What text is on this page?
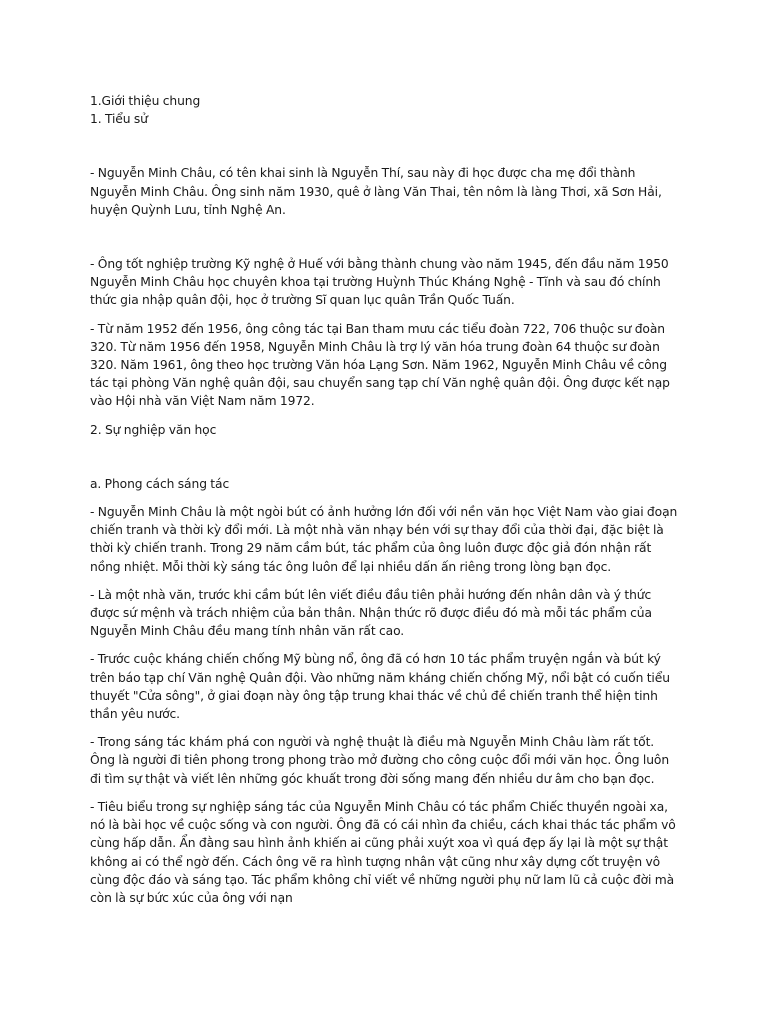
1.Giới thiệu chung

1. Tiểu sử

- Nguyễn Minh Châu, có tên khai sinh là Nguyễn Thí, sau này đi học được cha mẹ đổi thành Nguyễn Minh Châu. Ông sinh năm 1930, quê ở làng Văn Thai, tên nôm là làng Thơi, xã Sơn Hải, huyện Quỳnh Lưu, tỉnh Nghệ An.

- Ông tốt nghiệp trường Kỹ nghệ ở Huế với bằng thành chung vào năm 1945, đến đầu năm 1950 Nguyễn Minh Châu học chuyên khoa tại trường Huỳnh Thúc Kháng Nghệ - Tĩnh và sau đó chính thức gia nhập quân đội, học ở trường Sĩ quan lục quân Trần Quốc Tuấn.

- Từ năm 1952 đến 1956, ông công tác tại Ban tham mưu các tiểu đoàn 722, 706 thuộc sư đoàn 320. Từ năm 1956 đến 1958, Nguyễn Minh Châu là trợ lý văn hóa trung đoàn 64 thuộc sư đoàn 320. Năm 1961, ông theo học trường Văn hóa Lạng Sơn. Năm 1962, Nguyễn Minh Châu về công tác tại phòng Văn nghệ quân đội, sau chuyển sang tạp chí Văn nghệ quân đội. Ông được kết nạp vào Hội nhà văn Việt Nam năm 1972.

2. Sự nghiệp văn học

a. Phong cách sáng tác

- Nguyễn Minh Châu là một ngòi bút có ảnh hưởng lớn đối với nền văn học Việt Nam vào giai đoạn chiến tranh và thời kỳ đổi mới. Là một nhà văn nhạy bén với sự thay đổi của thời đại, đặc biệt là thời kỳ chiến tranh. Trong 29 năm cầm bút, tác phẩm của ông luôn được độc giả đón nhận rất nồng nhiệt. Mỗi thời kỳ sáng tác ông luôn để lại nhiều dấn ấn riêng trong lòng bạn đọc.

- Là một nhà văn, trước khi cầm bút lên viết điều đầu tiên phải hướng đến nhân dân và ý thức được sứ mệnh và trách nhiệm của bản thân. Nhận thức rõ được điều đó mà mỗi tác phẩm của Nguyễn Minh Châu đều mang tính nhân văn rất cao.

- Trước cuộc kháng chiến chống Mỹ bùng nổ, ông đã có hơn 10 tác phẩm truyện ngắn và bút ký trên báo tạp chí Văn nghệ Quân đội. Vào những năm kháng chiến chống Mỹ, nổi bật có cuốn tiểu thuyết "Cửa sông", ở giai đoạn này ông tập trung khai thác về chủ đề chiến tranh thể hiện tinh thần yêu nước.

- Trong sáng tác khám phá con người và nghệ thuật là điều mà Nguyễn Minh Châu làm rất tốt. Ông là người đi tiên phong trong phong trào mở đường cho công cuộc đổi mới văn học. Ông luôn đi tìm sự thật và viết lên những góc khuất trong đời sống mang đến nhiều dư âm cho bạn đọc.

- Tiêu biểu trong sự nghiệp sáng tác của Nguyễn Minh Châu có tác phẩm Chiếc thuyền ngoài xa, nó là bài học về cuộc sống và con người. Ông đã có cái nhìn đa chiều, cách khai thác tác phẩm vô cùng hấp dẫn. Ẩn đằng sau hình ảnh khiến ai cũng phải xuýt xoa vì quá đẹp ấy lại là một sự thật không ai có thể ngờ đến. Cách ông vẽ ra hình tượng nhân vật cũng như xây dựng cốt truyện vô cùng độc đáo và sáng tạo. Tác phẩm không chỉ viết về những người phụ nữ lam lũ cả cuộc đời mà còn là sự bức xúc của ông với nạn
